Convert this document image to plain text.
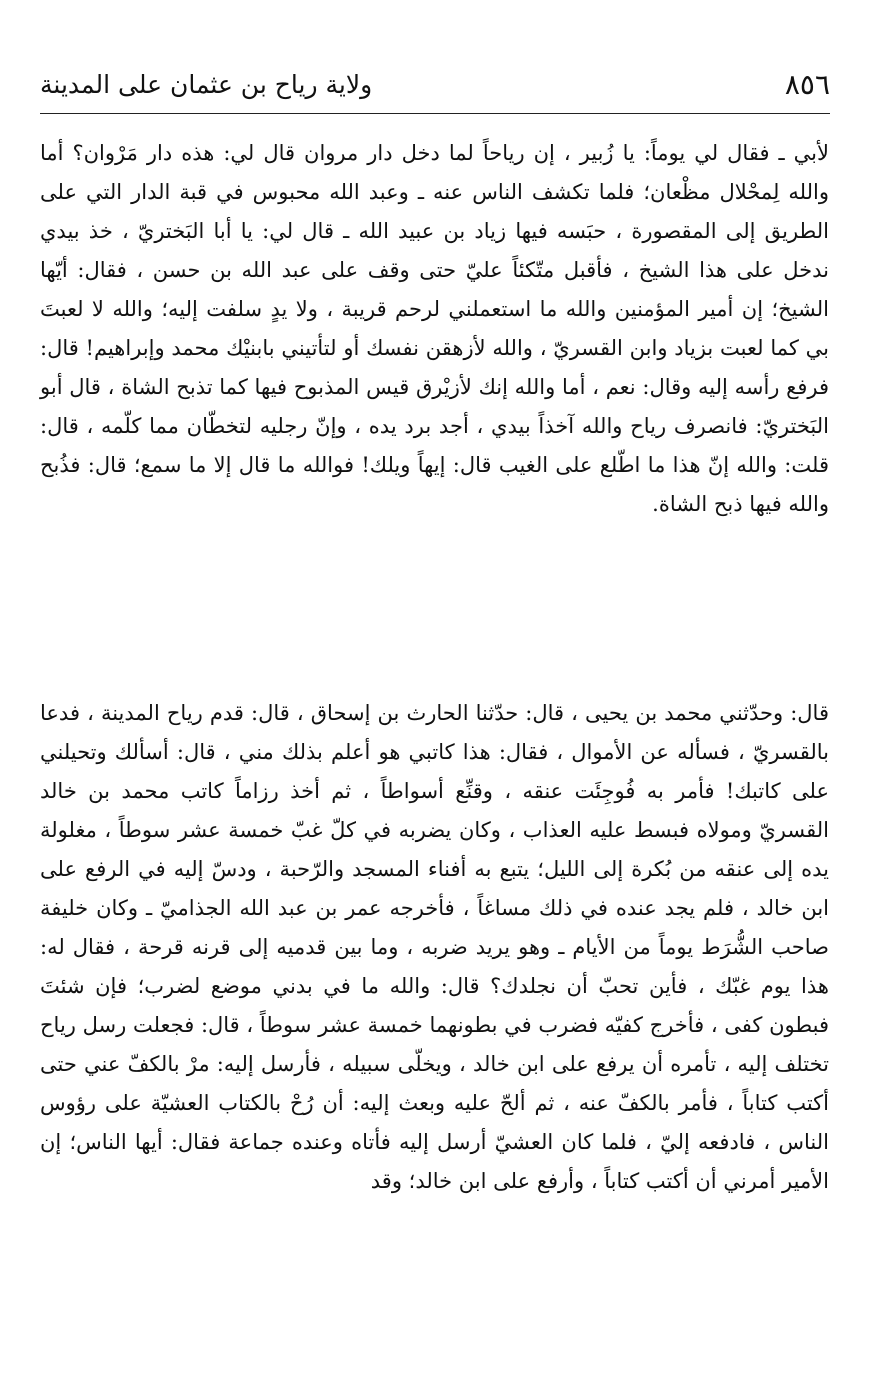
٨٥٦
ولاية رياح بن عثمان على المدينة

لأبي ـ فقال لي يوماً: يا زُبير ، إن رياحاً لما دخل دار مروان قال لي: هذه دار مَرْوان؟ أما والله لِمحْلال مظْعان؛ فلما تكشف الناس عنه ـ وعبد الله محبوس في قبة الدار التي على الطريق إلى المقصورة ، حبَسه فيها زياد بن عبيد الله ـ قال لي: يا أبا البَختريّ ، خذ بيدي ندخل على هذا الشيخ ، فأقبل متّكئاً عليّ حتى وقف على عبد الله بن حسن ، فقال: أيّها الشيخ؛ إن أمير المؤمنين والله ما استعملني لرحم قريبة ، ولا يدٍ سلفت إليه؛ والله لا لعبتَ بي كما لعبت بزياد وابن القسريّ ، والله لأزهقن نفسك أو لتأتيني بابنيْك محمد وإبراهيم! قال: فرفع رأسه إليه وقال: نعم ، أما والله إنك لأزيْرق قيس المذبوح فيها كما تذبح الشاة ، قال أبو البَختريّ: فانصرف رياح والله آخذاً بيدي ، أجد برد يده ، وإنّ رجليه لتخطّان مما كلّمه ، قال: قلت: والله إنّ هذا ما اطّلع على الغيب قال: إيهاً ويلك! فوالله ما قال إلا ما سمع؛ قال: فذُبح والله فيها ذبح الشاة.

قال: وحدّثني محمد بن يحيى ، قال: حدّثنا الحارث بن إسحاق ، قال: قدم رياح المدينة ، فدعا بالقسريّ ، فسأله عن الأموال ، فقال: هذا كاتبي هو أعلم بذلك مني ، قال: أسألك وتحيلني على كاتبك! فأمر به فُوجِئَت عنقه ، وقنِّع أسواطاً ، ثم أخذ رزاماً كاتب محمد بن خالد القسريّ ومولاه فبسط عليه العذاب ، وكان يضربه في كلّ غبّ خمسة عشر سوطاً ، مغلولة يده إلى عنقه من بُكرة إلى الليل؛ يتبع به أفناء المسجد والرّحبة ، ودسّ إليه في الرفع على ابن خالد ، فلم يجد عنده في ذلك مساغاً ، فأخرجه عمر بن عبد الله الجذاميّ ـ وكان خليفة صاحب الشُّرَط يوماً من الأيام ـ وهو يريد ضربه ، وما بين قدميه إلى قرنه قرحة ، فقال له: هذا يوم غبّك ، فأين تحبّ أن نجلدك؟ قال: والله ما في بدني موضع لضرب؛ فإن شئتَ فبطون كفى ، فأخرج كفيّه فضرب في بطونهما خمسة عشر سوطاً ، قال: فجعلت رسل رياح تختلف إليه ، تأمره أن يرفع على ابن خالد ، ويخلّى سبيله ، فأرسل إليه: مرْ بالكفّ عني حتى أكتب كتاباً ، فأمر بالكفّ عنه ، ثم ألحّ عليه وبعث إليه: أن رُحْ بالكتاب العشيّة على رؤوس الناس ، فادفعه إليّ ، فلما كان العشيّ أرسل إليه فأتاه وعنده جماعة فقال: أيها الناس؛ إن الأمير أمرني أن أكتب كتاباً ، وأرفع على ابن خالد؛ وقد
